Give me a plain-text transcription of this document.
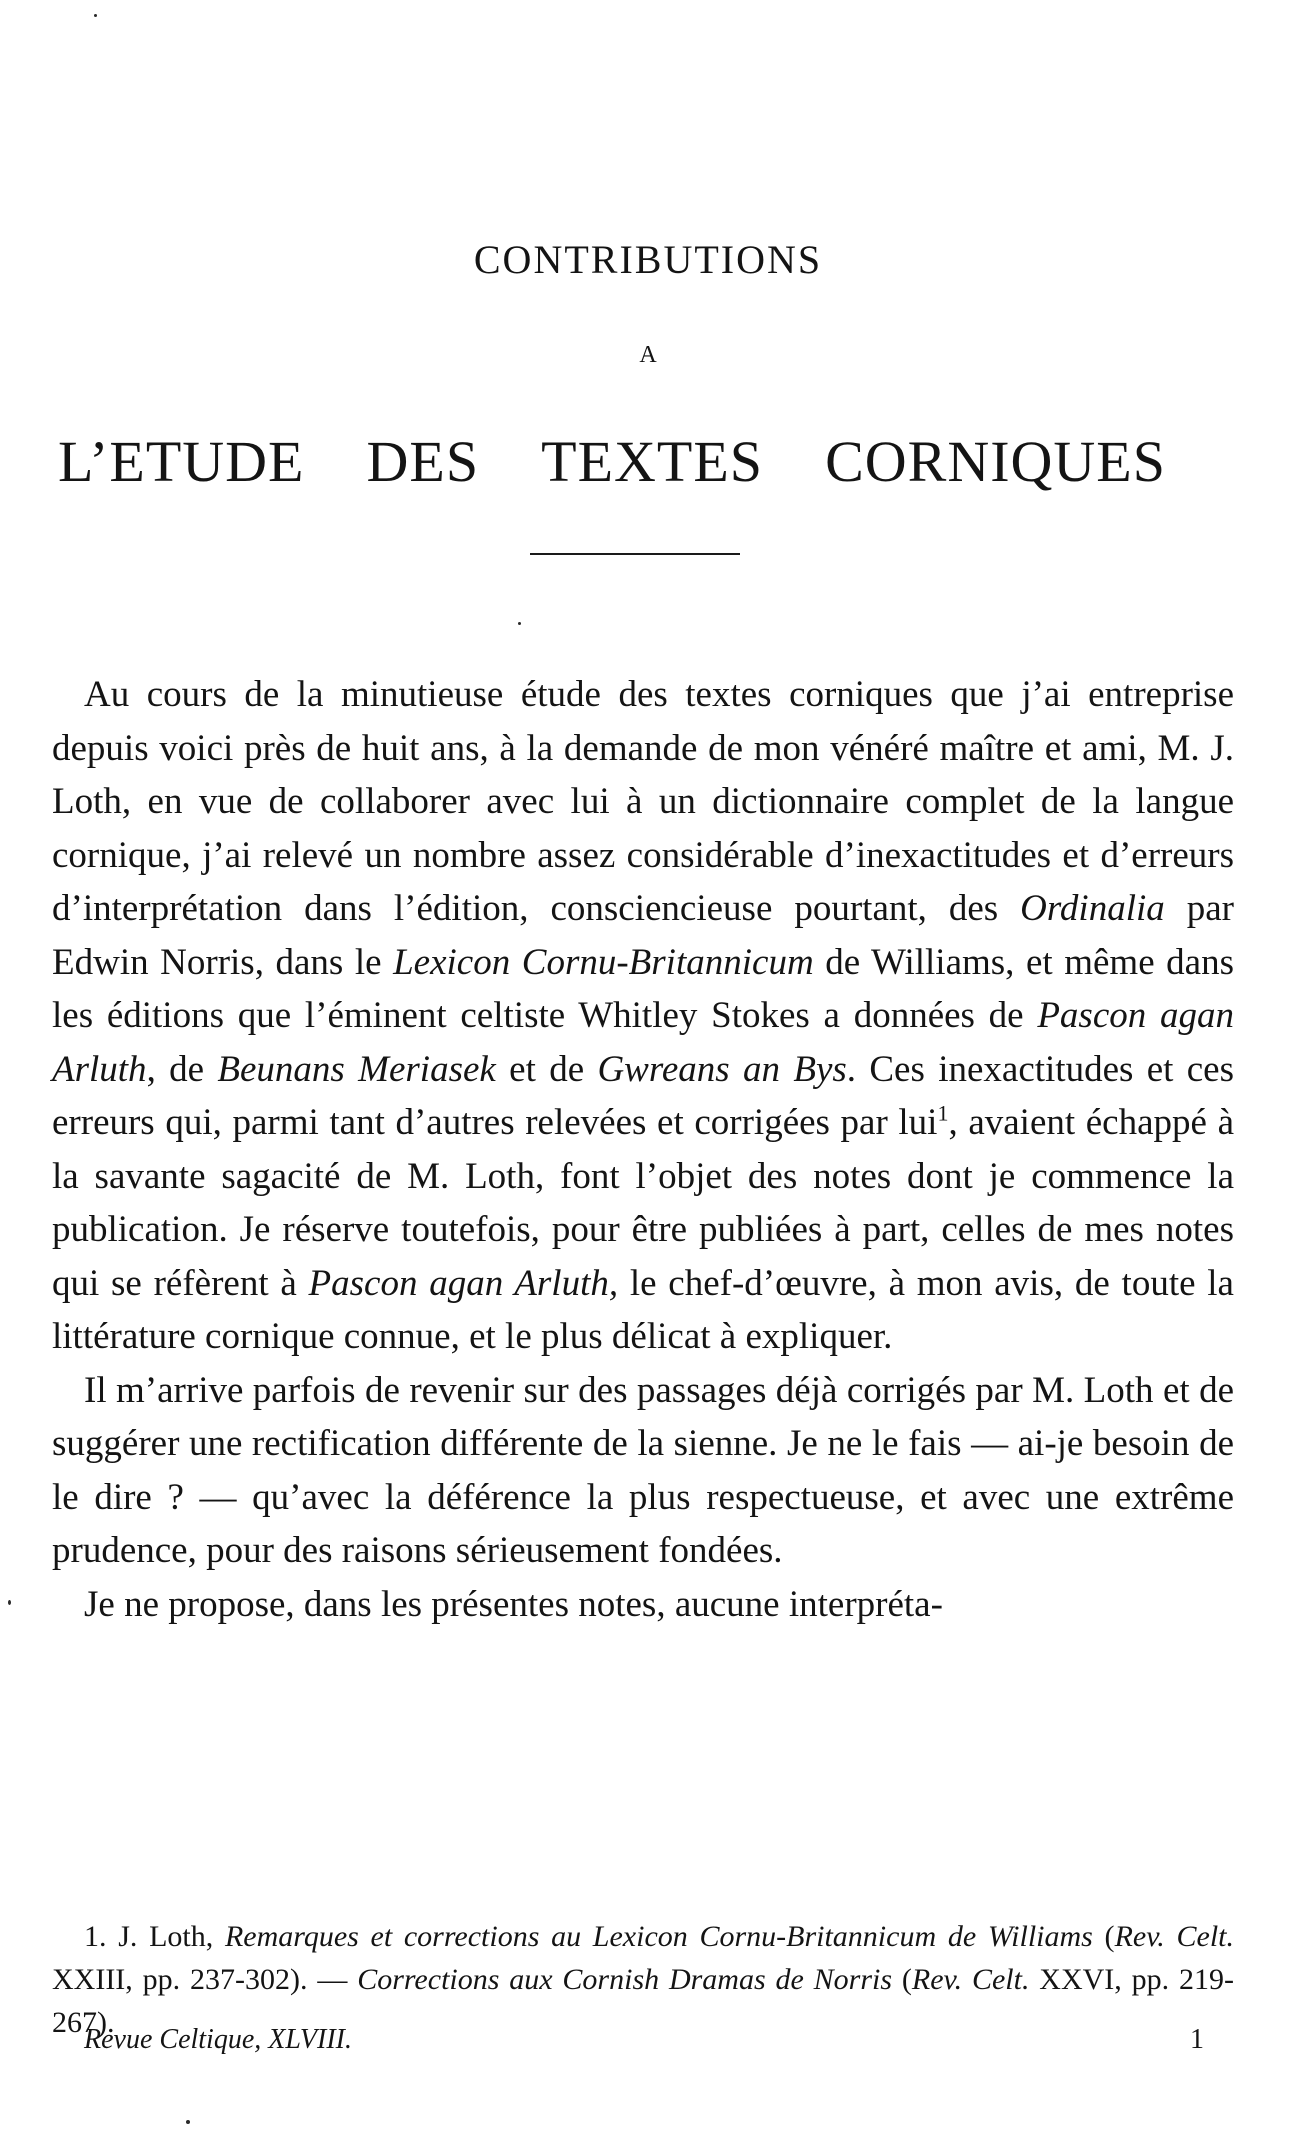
CONTRIBUTIONS
A
L’ETUDE DES TEXTES CORNIQUES

Au cours de la minutieuse étude des textes corniques que j’ai entreprise depuis voici près de huit ans, à la demande de mon vénéré maître et ami, M. J. Loth, en vue de collaborer avec lui à un dictionnaire complet de la langue cornique, j’ai relevé un nombre assez considérable d’inexactitudes et d’erreurs d’interprétation dans l’édition, consciencieuse pourtant, des Ordinalia par Edwin Norris, dans le Lexicon Cornu-Britannicum de Williams, et même dans les éditions que l’éminent celtiste Whitley Stokes a données de Pascon agan Arluth, de Beunans Meriasek et de Gwreans an Bys. Ces inexactitudes et ces erreurs qui, parmi tant d’autres relevées et corrigées par lui$^1$, avaient échappé à la savante sagacité de M. Loth, font l’objet des notes dont je commence la publication. Je réserve toutefois, pour être publiées à part, celles de mes notes qui se réfèrent à Pascon agan Arluth, le chef-d’œuvre, à mon avis, de toute la littérature cornique connue, et le plus délicat à expliquer.

Il m’arrive parfois de revenir sur des passages déjà corrigés par M. Loth et de suggérer une rectification différente de la sienne. Je ne le fais — ai-je besoin de le dire ? — qu’avec la déférence la plus respectueuse, et avec une extrême prudence, pour des raisons sérieusement fondées.

Je ne propose, dans les présentes notes, aucune interpréta-

1. J. Loth, Remarques et corrections au Lexicon Cornu-Britannicum de Williams (Rev. Celt. XXIII, pp. 237-302). — Corrections aux Cornish Dramas de Norris (Rev. Celt. XXVI, pp. 219-267).
Revue Celtique, XLVIII.	1
